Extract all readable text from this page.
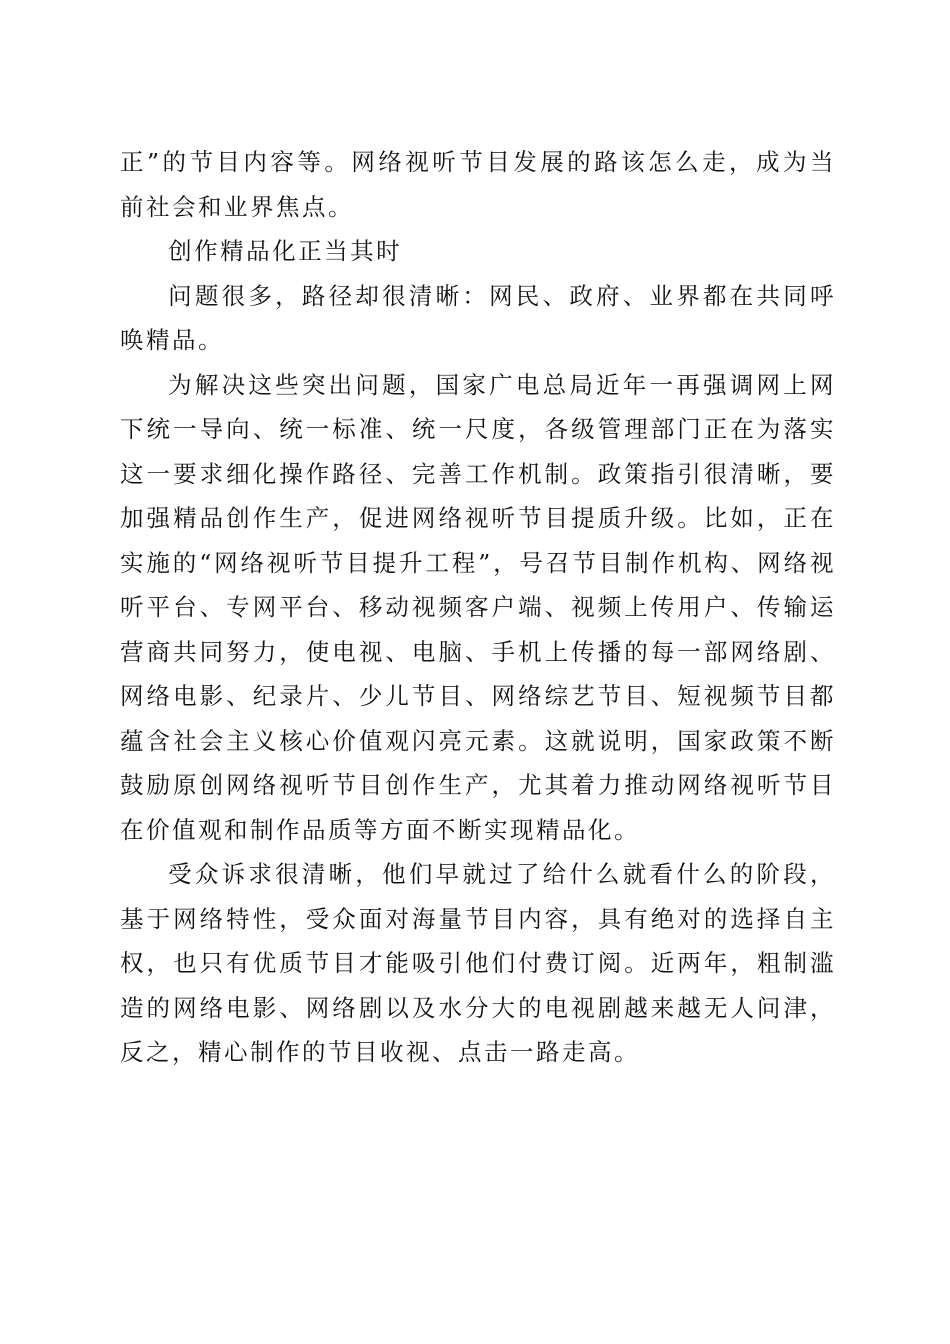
正”的节目内容等。网络视听节目发展的路该怎么走，成为当前社会和业界焦点。

创作精品化正当其时

问题很多，路径却很清晰：网民、政府、业界都在共同呼唤精品。

为解决这些突出问题，国家广电总局近年一再强调网上网下统一导向、统一标准、统一尺度，各级管理部门正在为落实这一要求细化操作路径、完善工作机制。政策指引很清晰，要加强精品创作生产，促进网络视听节目提质升级。比如，正在实施的“网络视听节目提升工程”，号召节目制作机构、网络视听平台、专网平台、移动视频客户端、视频上传用户、传输运营商共同努力，使电视、电脑、手机上传播的每一部网络剧、网络电影、纪录片、少儿节目、网络综艺节目、短视频节目都蕴含社会主义核心价值观闪亮元素。这就说明，国家政策不断鼓励原创网络视听节目创作生产，尤其着力推动网络视听节目在价值观和制作品质等方面不断实现精品化。

受众诉求很清晰，他们早就过了给什么就看什么的阶段，基于网络特性，受众面对海量节目内容，具有绝对的选择自主权，也只有优质节目才能吸引他们付费订阅。近两年，粗制滥造的网络电影、网络剧以及水分大的电视剧越来越无人问津，反之，精心制作的节目收视、点击一路走高。
